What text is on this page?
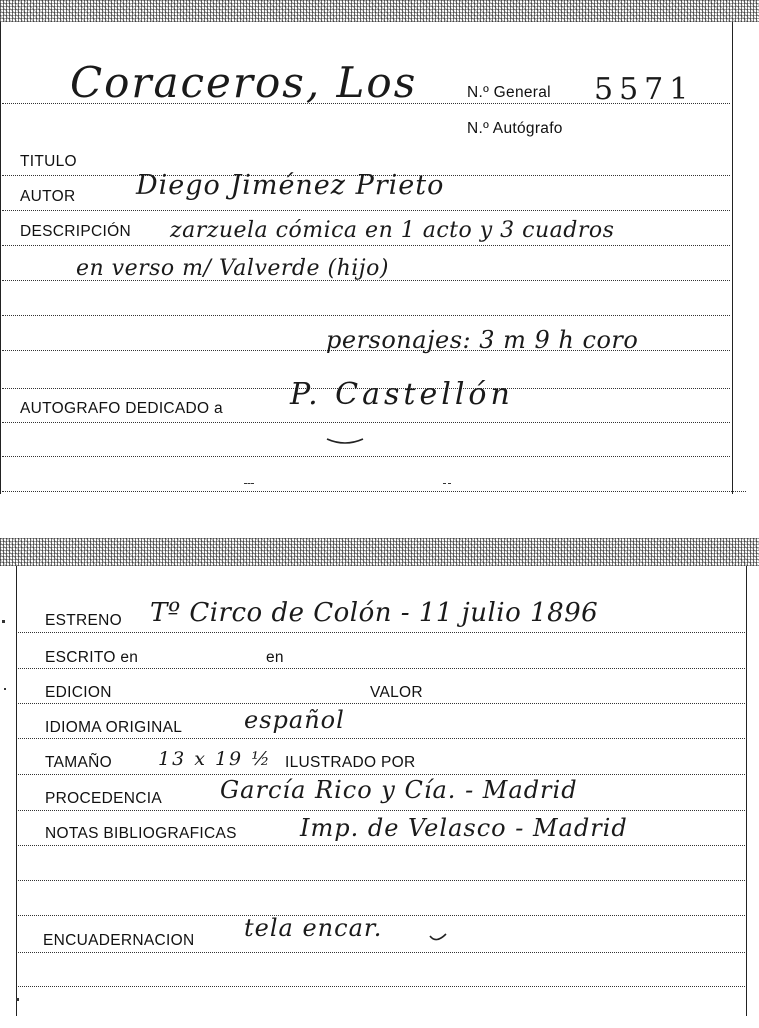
Coraceros, Los	N.º General 5571
N.º Autógrafo
TITULO
AUTOR Diego Jiménez Prieto
DESCRIPCIÓN zarzuela cómica en 1 acto y 3 cuadros
en verso m/ Valverde (hijo)
personajes: 3 m 9 h coro
AUTOGRAFO DEDICADO a P. Castellón
ESTRENO Tº Circo de Colón - 11 julio 1896
ESCRITO en	en
EDICION	VALOR
IDIOMA ORIGINAL	español
TAMAÑO 13 x 19 ½ ILUSTRADO POR
PROCEDENCIA García Rico y Cía. - Madrid
NOTAS BIBLIOGRAFICAS	Imp. de Velasco - Madrid
ENCUADERNACION tela encar.
